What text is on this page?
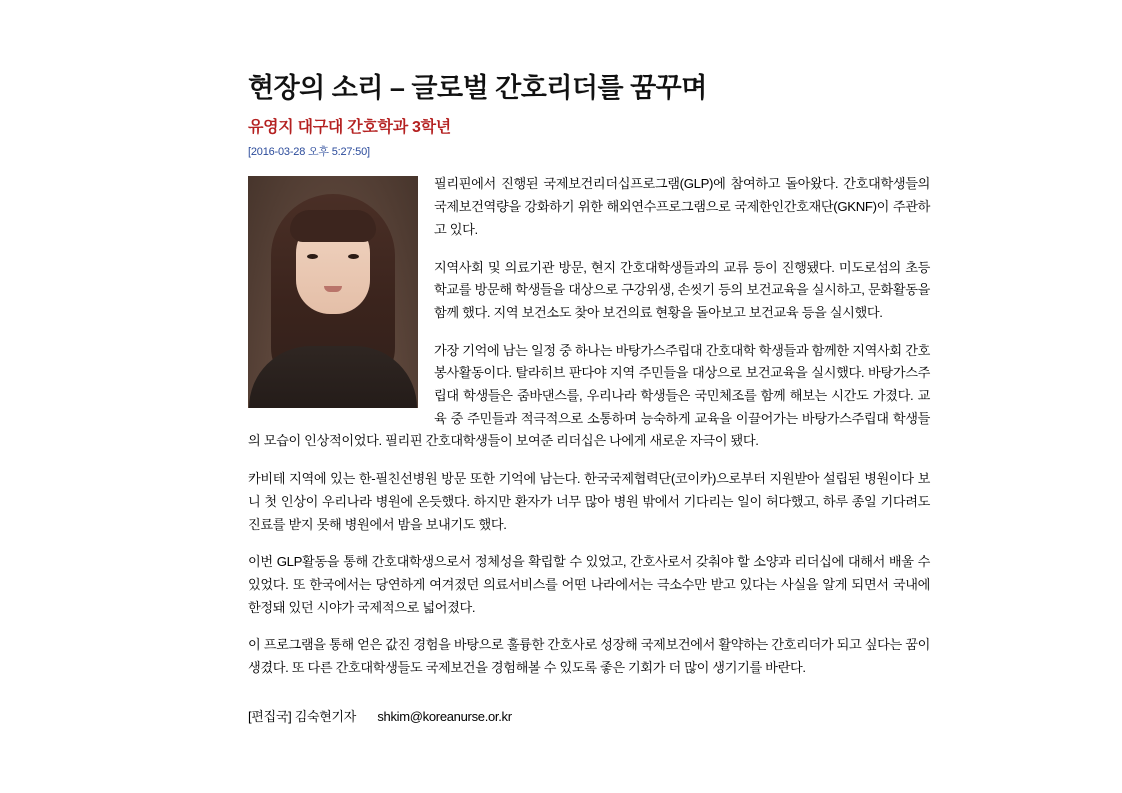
현장의 소리 – 글로벌 간호리더를 꿈꾸며
유영지 대구대 간호학과 3학년
[2016-03-28 오후 5:27:50]

필리핀에서 진행된 국제보건리더십프로그램(GLP)에 참여하고 돌아왔다. 간호대학생들의 국제보건역량을 강화하기 위한 해외연수프로그램으로 국제한인간호재단(GKNF)이 주관하고 있다.

지역사회 및 의료기관 방문, 현지 간호대학생들과의 교류 등이 진행됐다. 미도로섬의 초등학교를 방문해 학생들을 대상으로 구강위생, 손씻기 등의 보건교육을 실시하고, 문화활동을 함께 했다. 지역 보건소도 찾아 보건의료 현황을 돌아보고 보건교육 등을 실시했다.

가장 기억에 남는 일정 중 하나는 바탕가스주립대 간호대학 학생들과 함께한 지역사회 간호봉사활동이다. 탈라히브 판다야 지역 주민들을 대상으로 보건교육을 실시했다. 바탕가스주립대 학생들은 줌바댄스를, 우리나라 학생들은 국민체조를 함께 해보는 시간도 가졌다. 교육 중 주민들과 적극적으로 소통하며 능숙하게 교육을 이끌어가는 바탕가스주립대 학생들의 모습이 인상적이었다. 필리핀 간호대학생들이 보여준 리더십은 나에게 새로운 자극이 됐다.

카비테 지역에 있는 한-필친선병원 방문 또한 기억에 남는다. 한국국제협력단(코이카)으로부터 지원받아 설립된 병원이다 보니 첫 인상이 우리나라 병원에 온듯했다. 하지만 환자가 너무 많아 병원 밖에서 기다리는 일이 허다했고, 하루 종일 기다려도 진료를 받지 못해 병원에서 밤을 보내기도 했다.

이번 GLP활동을 통해 간호대학생으로서 정체성을 확립할 수 있었고, 간호사로서 갖춰야 할 소양과 리더십에 대해서 배울 수 있었다. 또 한국에서는 당연하게 여겨졌던 의료서비스를 어떤 나라에서는 극소수만 받고 있다는 사실을 알게 되면서 국내에 한정돼 있던 시야가 국제적으로 넓어졌다.

이 프로그램을 통해 얻은 값진 경험을 바탕으로 훌륭한 간호사로 성장해 국제보건에서 활약하는 간호리더가 되고 싶다는 꿈이 생겼다. 또 다른 간호대학생들도 국제보건을 경험해볼 수 있도록 좋은 기회가 더 많이 생기기를 바란다.

[편집국] 김숙현기자 shkim@koreanurse.or.kr
